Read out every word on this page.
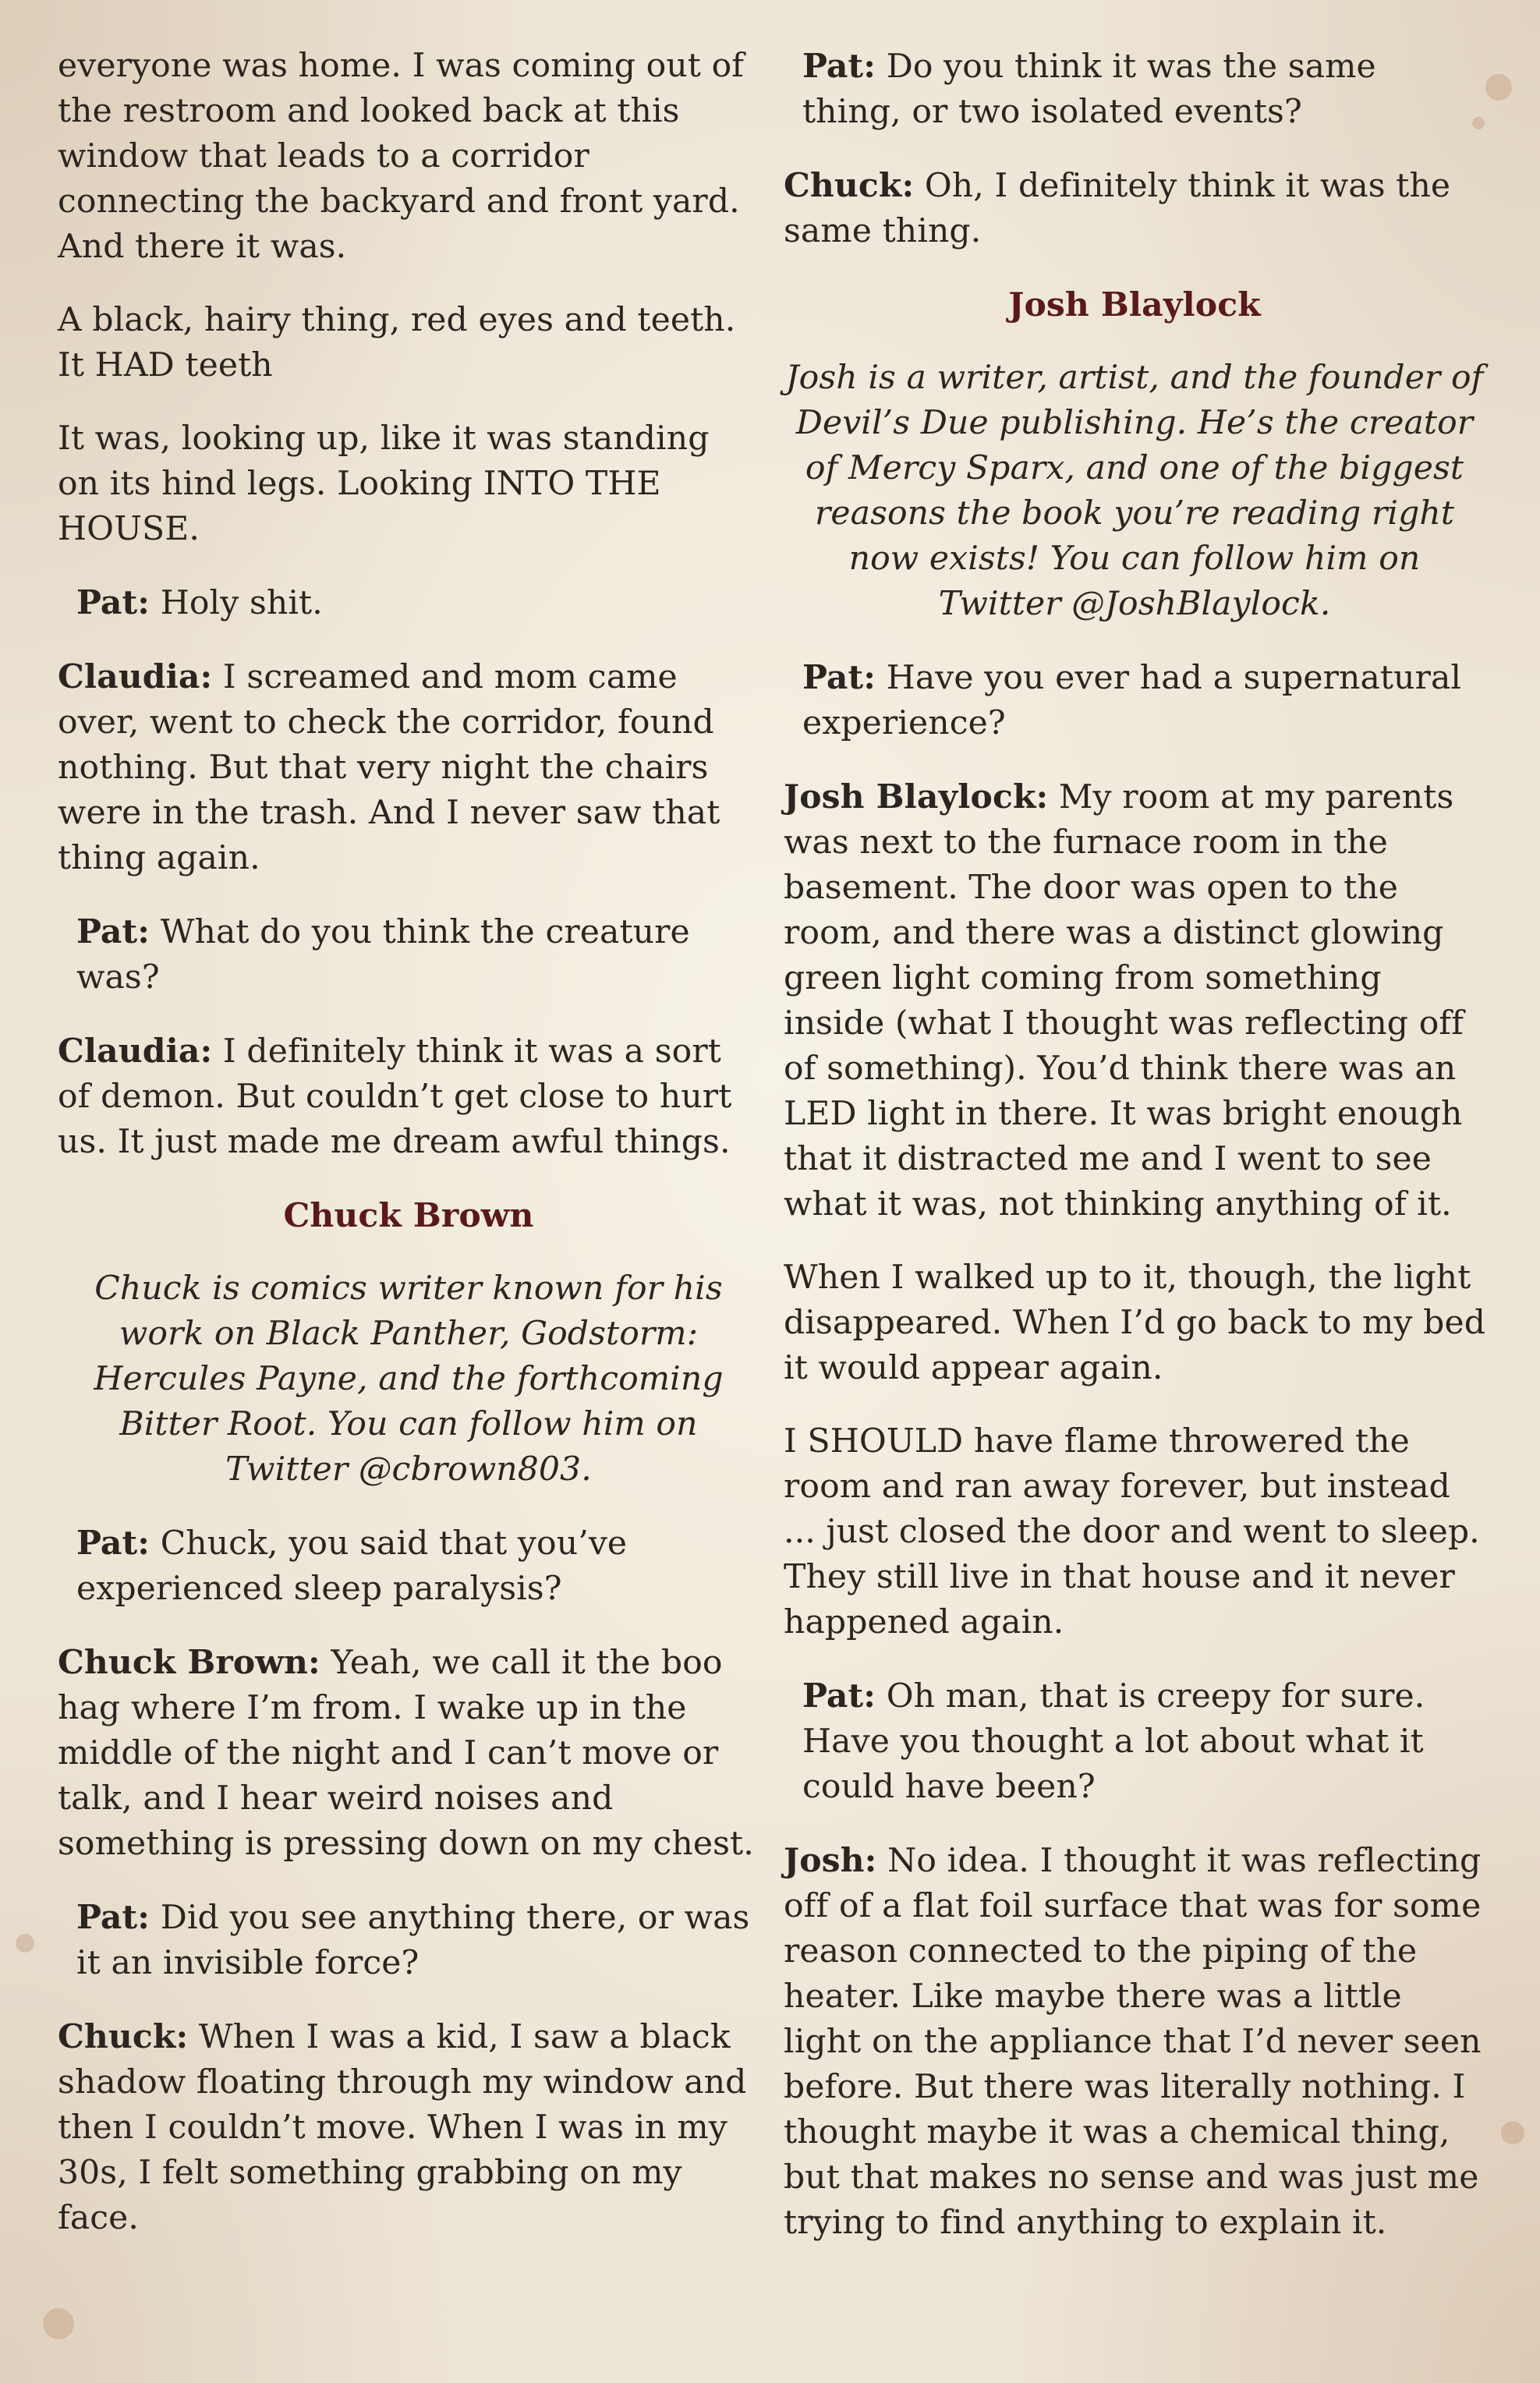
everyone was home. I was coming out of the restroom and looked back at this window that leads to a corridor connecting the backyard and front yard. And there it was.

A black, hairy thing, red eyes and teeth. It HAD teeth

It was, looking up, like it was standing on its hind legs. Looking INTO THE HOUSE.

Pat: Holy shit.

Claudia: I screamed and mom came over, went to check the corridor, found nothing. But that very night the chairs were in the trash. And I never saw that thing again.

Pat: What do you think the creature was?

Claudia: I definitely think it was a sort of demon. But couldn’t get close to hurt us. It just made me dream awful things.

Chuck Brown

Chuck is comics writer known for his work on Black Panther, Godstorm: Hercules Payne, and the forthcoming Bitter Root. You can follow him on Twitter @cbrown803.

Pat: Chuck, you said that you’ve experienced sleep paralysis?

Chuck Brown: Yeah, we call it the boo hag where I’m from. I wake up in the middle of the night and I can’t move or talk, and I hear weird noises and something is pressing down on my chest.

Pat: Did you see anything there, or was it an invisible force?

Chuck: When I was a kid, I saw a black shadow floating through my window and then I couldn’t move. When I was in my 30s, I felt something grabbing on my face.

Pat: Do you think it was the same thing, or two isolated events?

Chuck: Oh, I definitely think it was the same thing.

Josh Blaylock

Josh is a writer, artist, and the founder of Devil’s Due publishing. He’s the creator of Mercy Sparx, and one of the biggest reasons the book you’re reading right now exists! You can follow him on Twitter @JoshBlaylock.

Pat: Have you ever had a supernatural experience?

Josh Blaylock: My room at my parents was next to the furnace room in the basement. The door was open to the room, and there was a distinct glowing green light coming from something inside (what I thought was reflecting off of something). You’d think there was an LED light in there. It was bright enough that it distracted me and I went to see what it was, not thinking anything of it.

When I walked up to it, though, the light disappeared. When I’d go back to my bed it would appear again.

I SHOULD have flame throwered the room and ran away forever, but instead ... just closed the door and went to sleep. They still live in that house and it never happened again.

Pat: Oh man, that is creepy for sure. Have you thought a lot about what it could have been?

Josh: No idea. I thought it was reflecting off of a flat foil surface that was for some reason connected to the piping of the heater. Like maybe there was a little light on the appliance that I’d never seen before. But there was literally nothing. I thought maybe it was a chemical thing, but that makes no sense and was just me trying to find anything to explain it.
